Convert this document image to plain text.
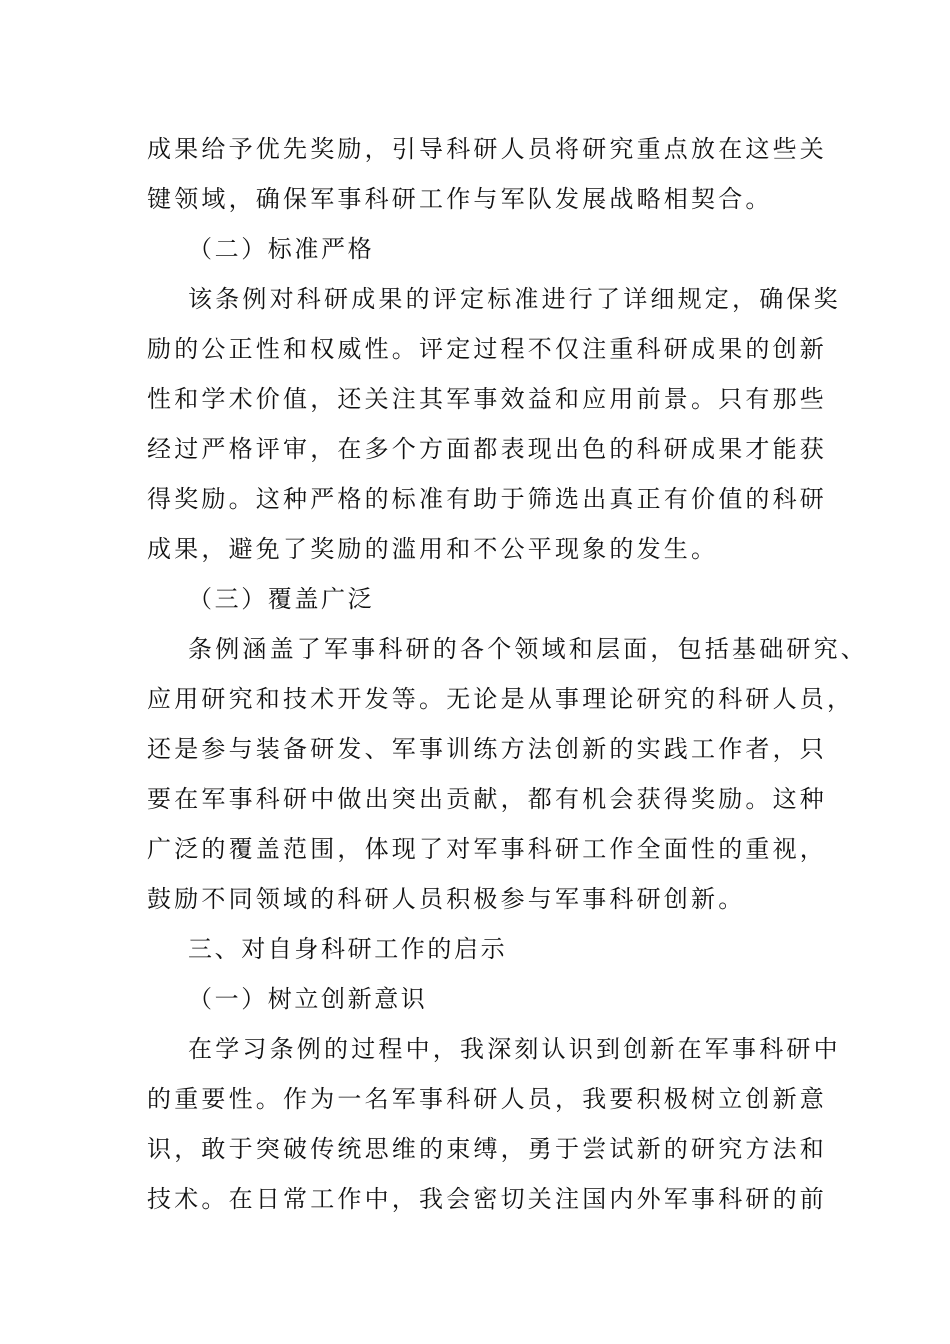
成果给予优先奖励，引导科研人员将研究重点放在这些关
键领域，确保军事科研工作与军队发展战略相契合。
（二）标准严格
该条例对科研成果的评定标准进行了详细规定，确保奖
励的公正性和权威性。评定过程不仅注重科研成果的创新
性和学术价值，还关注其军事效益和应用前景。只有那些
经过严格评审，在多个方面都表现出色的科研成果才能获
得奖励。这种严格的标准有助于筛选出真正有价值的科研
成果，避免了奖励的滥用和不公平现象的发生。
（三）覆盖广泛
条例涵盖了军事科研的各个领域和层面，包括基础研究、
应用研究和技术开发等。无论是从事理论研究的科研人员，
还是参与装备研发、军事训练方法创新的实践工作者，只
要在军事科研中做出突出贡献，都有机会获得奖励。这种
广泛的覆盖范围，体现了对军事科研工作全面性的重视，
鼓励不同领域的科研人员积极参与军事科研创新。
三、对自身科研工作的启示
（一）树立创新意识
在学习条例的过程中，我深刻认识到创新在军事科研中
的重要性。作为一名军事科研人员，我要积极树立创新意
识，敢于突破传统思维的束缚，勇于尝试新的研究方法和
技术。在日常工作中，我会密切关注国内外军事科研的前
